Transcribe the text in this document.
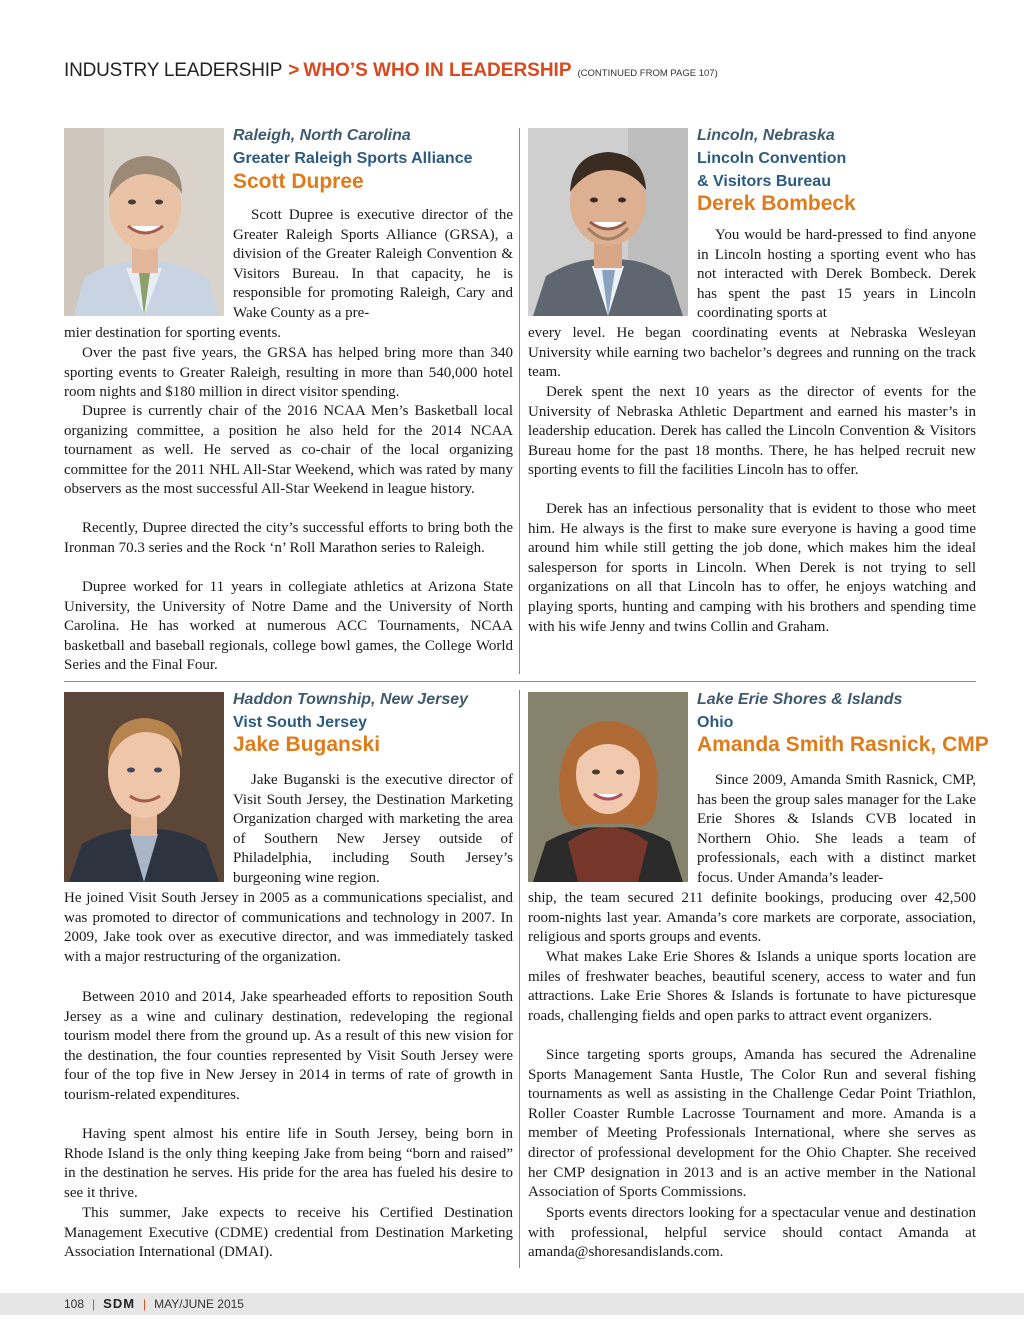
INDUSTRY LEADERSHIP > WHO’S WHO IN LEADERSHIP (CONTINUED FROM PAGE 107)
Raleigh, North Carolina
Greater Raleigh Sports Alliance
Scott Dupree

Scott Dupree is executive director of the Greater Raleigh Sports Alliance (GRSA), a division of the Greater Raleigh Convention & Visitors Bureau. In that capacity, he is responsible for promoting Raleigh, Cary and Wake County as a pre-

mier destination for sporting events.

Over the past five years, the GRSA has helped bring more than 340 sporting events to Greater Raleigh, resulting in more than 540,000 hotel room nights and $180 million in direct visitor spending.

Dupree is currently chair of the 2016 NCAA Men’s Basketball local organizing committee, a position he also held for the 2014 NCAA tournament as well. He served as co-chair of the local organizing committee for the 2011 NHL All-Star Weekend, which was rated by many observers as the most successful All-Star Weekend in league history.

Recently, Dupree directed the city’s successful efforts to bring both the Ironman 70.3 series and the Rock ‘n’ Roll Marathon series to Raleigh.

Dupree worked for 11 years in collegiate athletics at Arizona State University, the University of Notre Dame and the University of North Carolina. He has worked at numerous ACC Tournaments, NCAA basketball and baseball regionals, college bowl games, the College World Series and the Final Four.

Lincoln, Nebraska
Lincoln Convention
& Visitors Bureau
Derek Bombeck

You would be hard-pressed to find anyone in Lincoln hosting a sporting event who has not interacted with Derek Bombeck. Derek has spent the past 15 years in Lincoln coordinating sports at

every level. He began coordinating events at Nebraska Wesleyan University while earning two bachelor’s degrees and running on the track team.

Derek spent the next 10 years as the director of events for the University of Nebraska Athletic Department and earned his master’s in leadership education. Derek has called the Lincoln Convention & Visitors Bureau home for the past 18 months. There, he has helped recruit new sporting events to fill the facilities Lincoln has to offer.

Derek has an infectious personality that is evident to those who meet him. He always is the first to make sure everyone is having a good time around him while still getting the job done, which makes him the ideal salesperson for sports in Lincoln. When Derek is not trying to sell organizations on all that Lincoln has to offer, he enjoys watching and playing sports, hunting and camping with his brothers and spending time with his wife Jenny and twins Collin and Graham.

Haddon Township, New Jersey
Vist South Jersey
Jake Buganski

Jake Buganski is the executive director of Visit South Jersey, the Destination Marketing Organization charged with marketing the area of Southern New Jersey outside of Philadelphia, including South Jersey’s burgeoning wine region.

He joined Visit South Jersey in 2005 as a communications specialist, and was promoted to director of communications and technology in 2007. In 2009, Jake took over as executive director, and was immediately tasked with a major restructuring of the organization.

Between 2010 and 2014, Jake spearheaded efforts to reposition South Jersey as a wine and culinary destination, redeveloping the regional tourism model there from the ground up. As a result of this new vision for the destination, the four counties represented by Visit South Jersey were four of the top five in New Jersey in 2014 in terms of rate of growth in tourism-related expenditures.

Having spent almost his entire life in South Jersey, being born in Rhode Island is the only thing keeping Jake from being “born and raised” in the destination he serves. His pride for the area has fueled his desire to see it thrive.

This summer, Jake expects to receive his Certified Destination Management Executive (CDME) credential from Destination Marketing Association International (DMAI).

Lake Erie Shores & Islands
Ohio
Amanda Smith Rasnick, CMP

Since 2009, Amanda Smith Rasnick, CMP, has been the group sales manager for the Lake Erie Shores & Islands CVB located in Northern Ohio. She leads a team of professionals, each with a distinct market focus. Under Amanda’s leader-

ship, the team secured 211 definite bookings, producing over 42,500 room-nights last year. Amanda’s core markets are corporate, association, religious and sports groups and events.

What makes Lake Erie Shores & Islands a unique sports location are miles of freshwater beaches, beautiful scenery, access to water and fun attractions. Lake Erie Shores & Islands is fortunate to have picturesque roads, challenging fields and open parks to attract event organizers.

Since targeting sports groups, Amanda has secured the Adrenaline Sports Management Santa Hustle, The Color Run and several fishing tournaments as well as assisting in the Challenge Cedar Point Triathlon, Roller Coaster Rumble Lacrosse Tournament and more. Amanda is a member of Meeting Professionals International, where she serves as director of professional development for the Ohio Chapter. She received her CMP designation in 2013 and is an active member in the National Association of Sports Commissions.

Sports events directors looking for a spectacular venue and destination with professional, helpful service should contact Amanda at amanda@shoresandislands.com.

108 | SDM | MAY/JUNE 2015
